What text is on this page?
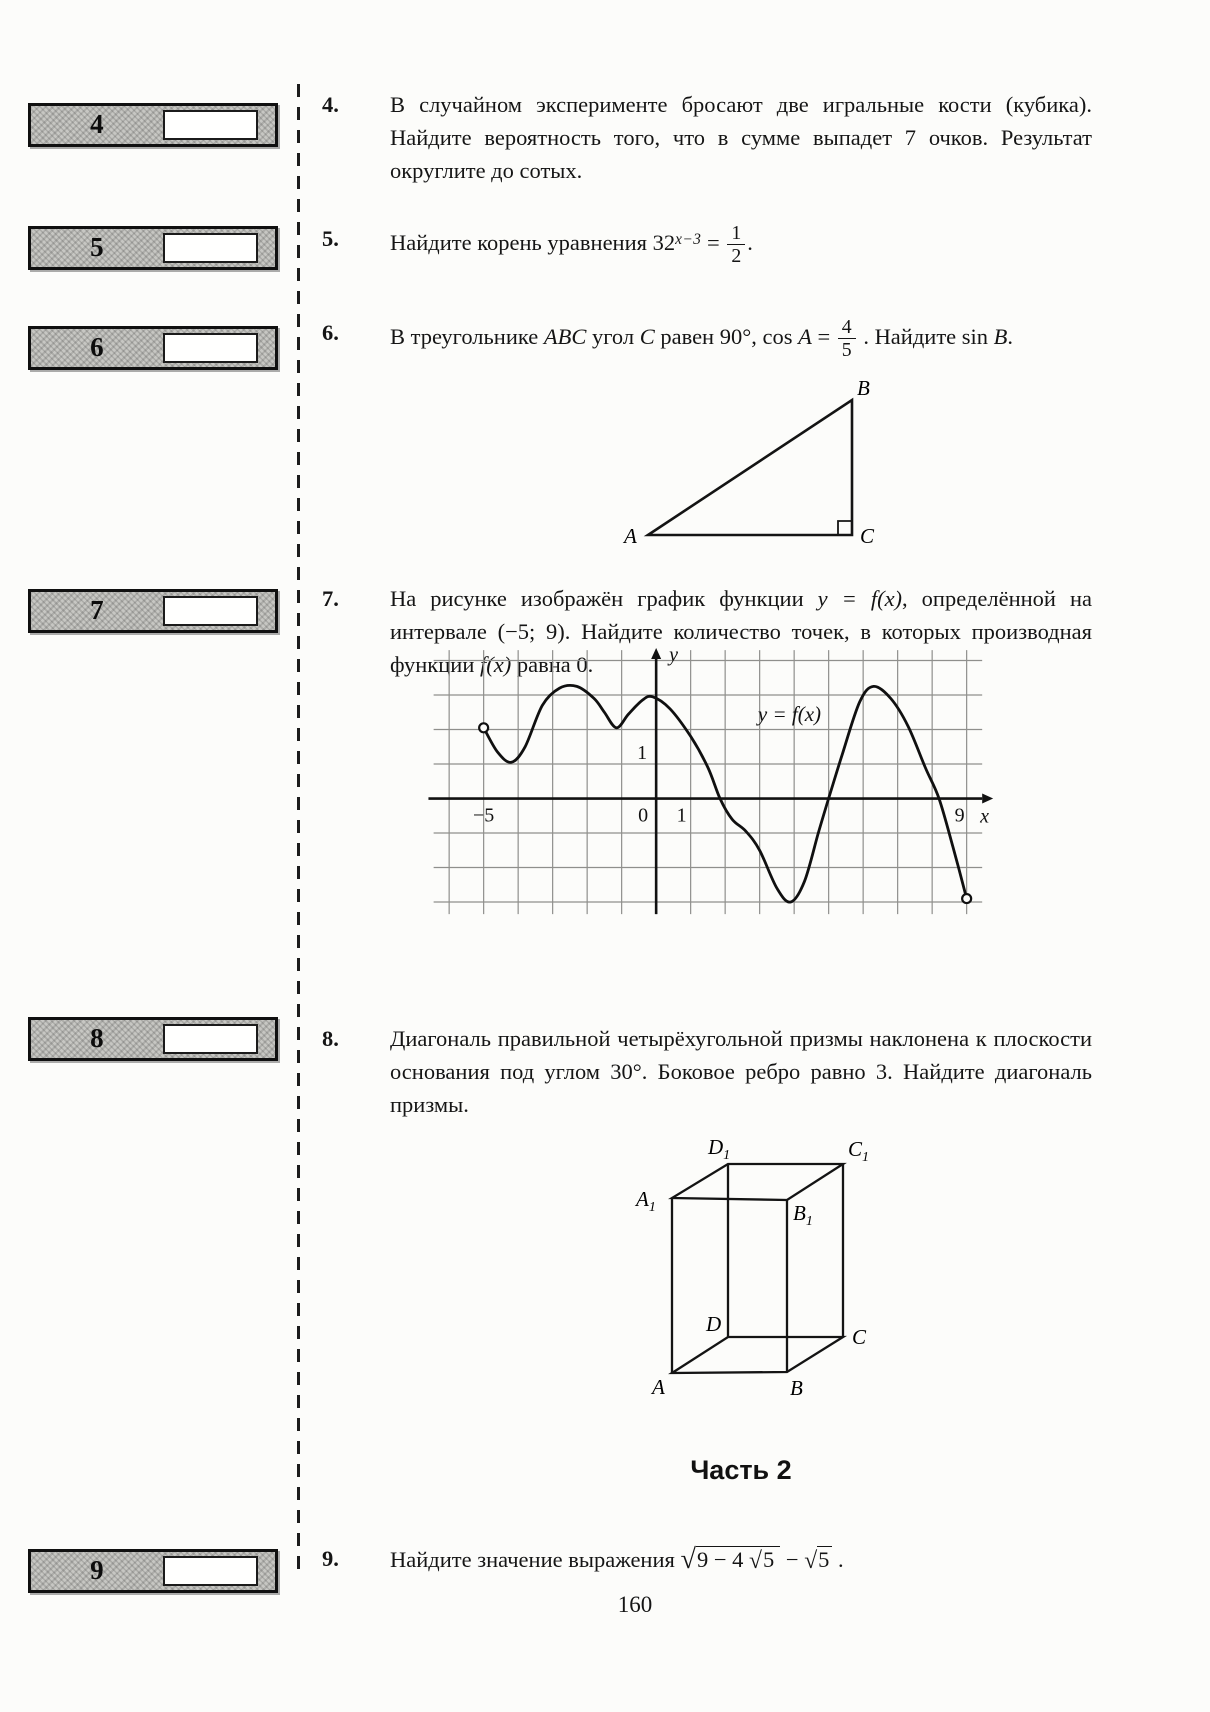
4
5
6
7
8
9
4.	В случайном эксперименте бросают две игральные кости (кубика). Найдите вероятность того, что в сумме выпадет 7 очков. Результат округлите до сотых.
5.	Найдите корень уравнения $32^{x-3} = \frac{1}{2}$ .
6.	В треугольнике ABC угол C равен 90°, $\cos A = \frac{4}{5}$ . Найдите sin B.
A
B
C
7.	На рисунке изображён график функции y = f(x), определённой на интервале (−5; 9). Найдите количество точек, в которых производная функции f(x) равна 0.
−5	0 1	9
1
y
x
y = f(x)
8.	Диагональ правильной четырёхугольной призмы наклонена к плоскости основания под углом 30°. Боковое ребро равно 3. Найдите диагональ призмы.
A	B
C
D
$A_1$	$B_1$
$C_1$
$D_1$
Часть 2
9.	Найдите значение выражения √9 − 4 √5 − √5 .
160
